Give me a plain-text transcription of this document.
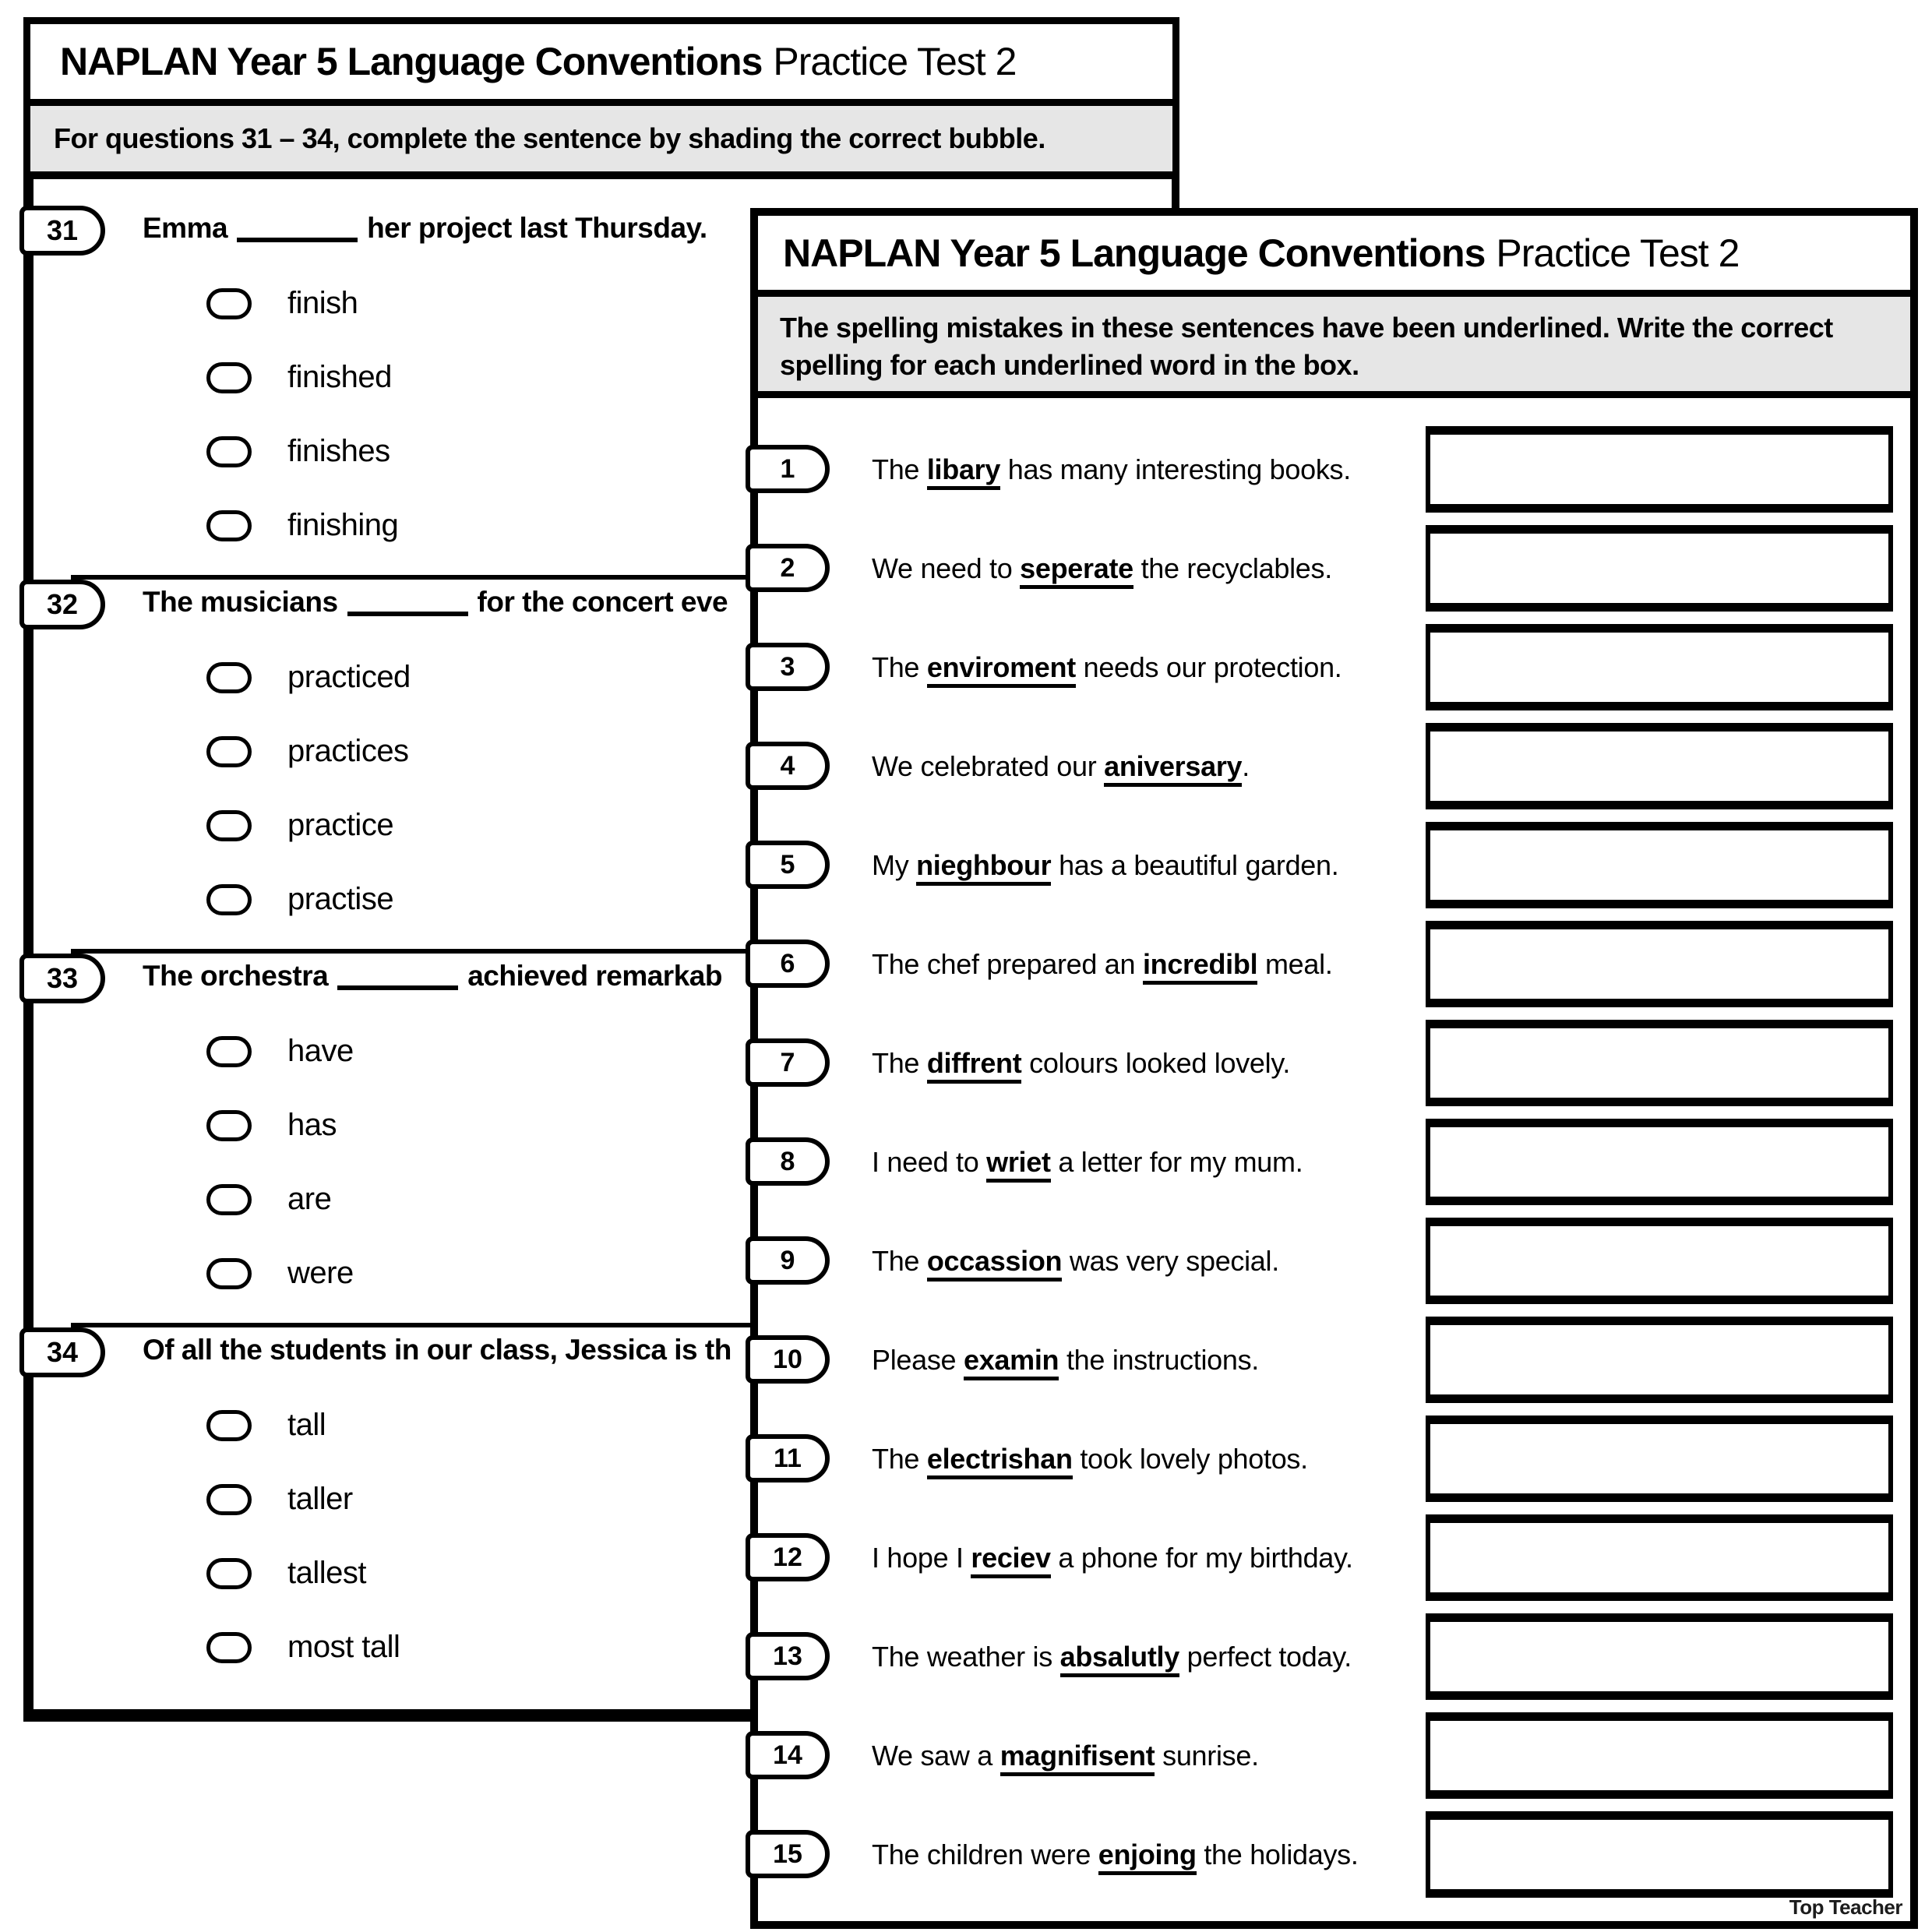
NAPLAN Year 5 Language Conventions Practice Test 2
For questions 31 – 34, complete the sentence by shading the correct bubble.
31 Emma	her project last Thursday.
finish
finished
finishes
finishing
32 The musicians	for the concert eve
practiced
practices
practice
practise
33 The orchestra	achieved remarkab
have
has
are
were
34 Of all the students in our class, Jessica is th
tall
taller
tallest
most tall
NAPLAN Year 5 Language Conventions Practice Test 2
The spelling mistakes in these sentences have been underlined. Write the correct spelling for each underlined word in the box.
1	The libary has many interesting books.
2	We need to seperate the recyclables.
3	The enviroment needs our protection.
4	We celebrated our aniversary.
5	My nieghbour has a beautiful garden.
6	The chef prepared an incredibl meal.
7	The diffrent colours looked lovely.
8	I need to wriet a letter for my mum.
9	The occassion was very special.
10 Please examin the instructions.
11	The electrishan took lovely photos.
12 I hope I reciev a phone for my birthday.
13 The weather is absalutly perfect today.
14 We saw a magnifisent sunrise.
15 The children were enjoing the holidays.
Top Teacher
